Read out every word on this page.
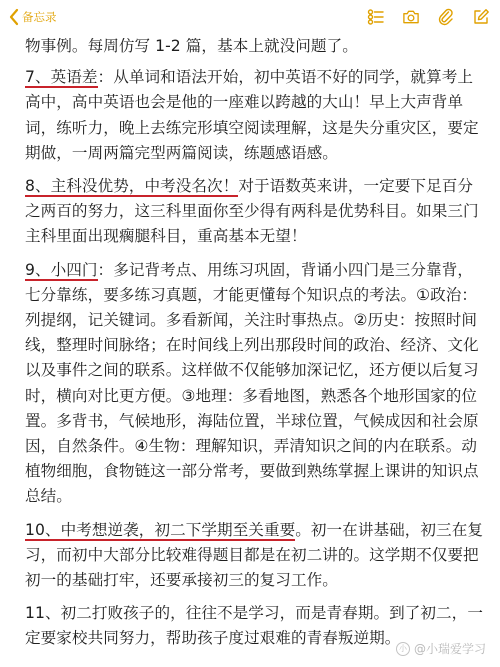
备忘录

物事例。每周仿写 1-2 篇，基本上就没问题了。

7、英语差：从单词和语法开始，初中英语不好的同学，就算考上高中，高中英语也会是他的一座难以跨越的大山！早上大声背单词，练听力，晚上去练完形填空阅读理解，这是失分重灾区，要定期做，一周两篇完型两篇阅读，练题感语感。

8、主科没优势，中考没名次！对于语数英来讲，一定要下足百分之两百的努力，这三科里面你至少得有两科是优势科目。如果三门主科里面出现瘸腿科目，重高基本无望！

9、小四门：多记背考点、用练习巩固，背诵小四门是三分靠背，七分靠练，要多练习真题，才能更懂每个知识点的考法。①政治：列提纲，记关键词。多看新闻，关注时事热点。②历史：按照时间线，整理时间脉络；在时间线上列出那段时间的政治、经济、文化以及事件之间的联系。这样做不仅能够加深记忆，还方便以后复习时，横向对比更方便。③地理：多看地图，熟悉各个地形国家的位置。多背书，气候地形，海陆位置，半球位置，气候成因和社会原因，自然条件。④生物：理解知识，弄清知识之间的内在联系。动植物细胞，食物链这一部分常考，要做到熟练掌握上课讲的知识点总结。

10、中考想逆袭，初二下学期至关重要。初一在讲基础，初三在复习，而初中大部分比较难得题目都是在初二讲的。这学期不仅要把初一的基础打牢，还要承接初三的复习工作。

11、初二打败孩子的，往往不是学习，而是青春期。到了初二，一定要家校共同努力，帮助孩子度过艰难的青春叛逆期。

小 @小瑞爱学习
